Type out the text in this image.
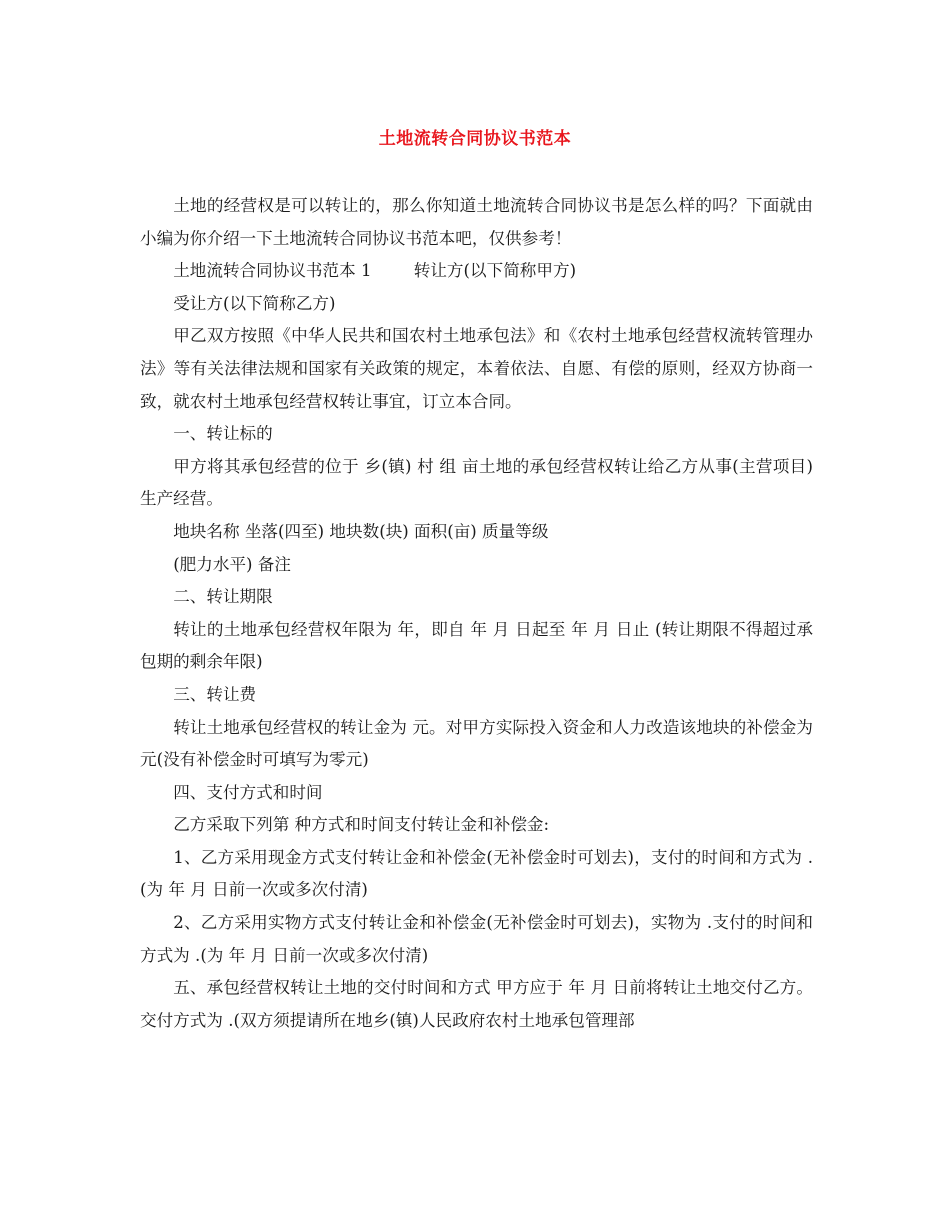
土地流转合同协议书范本

土地的经营权是可以转让的，那么你知道土地流转合同协议书是怎么样的吗？下面就由小编为你介绍一下土地流转合同协议书范本吧，仅供参考！

土地流转合同协议书范本 1        转让方(以下简称甲方)

受让方(以下简称乙方)

甲乙双方按照《中华人民共和国农村土地承包法》和《农村土地承包经营权流转管理办法》等有关法律法规和国家有关政策的规定，本着依法、自愿、有偿的原则，经双方协商一致，就农村土地承包经营权转让事宜，订立本合同。

一、转让标的

甲方将其承包经营的位于 乡(镇) 村 组 亩土地的承包经营权转让给乙方从事(主营项目)生产经营。

地块名称 坐落(四至) 地块数(块) 面积(亩) 质量等级

(肥力水平) 备注

二、转让期限

转让的土地承包经营权年限为 年，即自 年 月 日起至 年 月 日止 (转让期限不得超过承包期的剩余年限)

三、转让费

转让土地承包经营权的转让金为 元。对甲方实际投入资金和人力改造该地块的补偿金为 元(没有补偿金时可填写为零元)

四、支付方式和时间

乙方采取下列第 种方式和时间支付转让金和补偿金:

1、乙方采用现金方式支付转让金和补偿金(无补偿金时可划去)，支付的时间和方式为 .(为 年 月 日前一次或多次付清)

2、乙方采用实物方式支付转让金和补偿金(无补偿金时可划去)，实物为 .支付的时间和方式为 .(为 年 月 日前一次或多次付清)

五、承包经营权转让土地的交付时间和方式 甲方应于 年 月 日前将转让土地交付乙方。交付方式为 .(双方须提请所在地乡(镇)人民政府农村土地承包管理部
